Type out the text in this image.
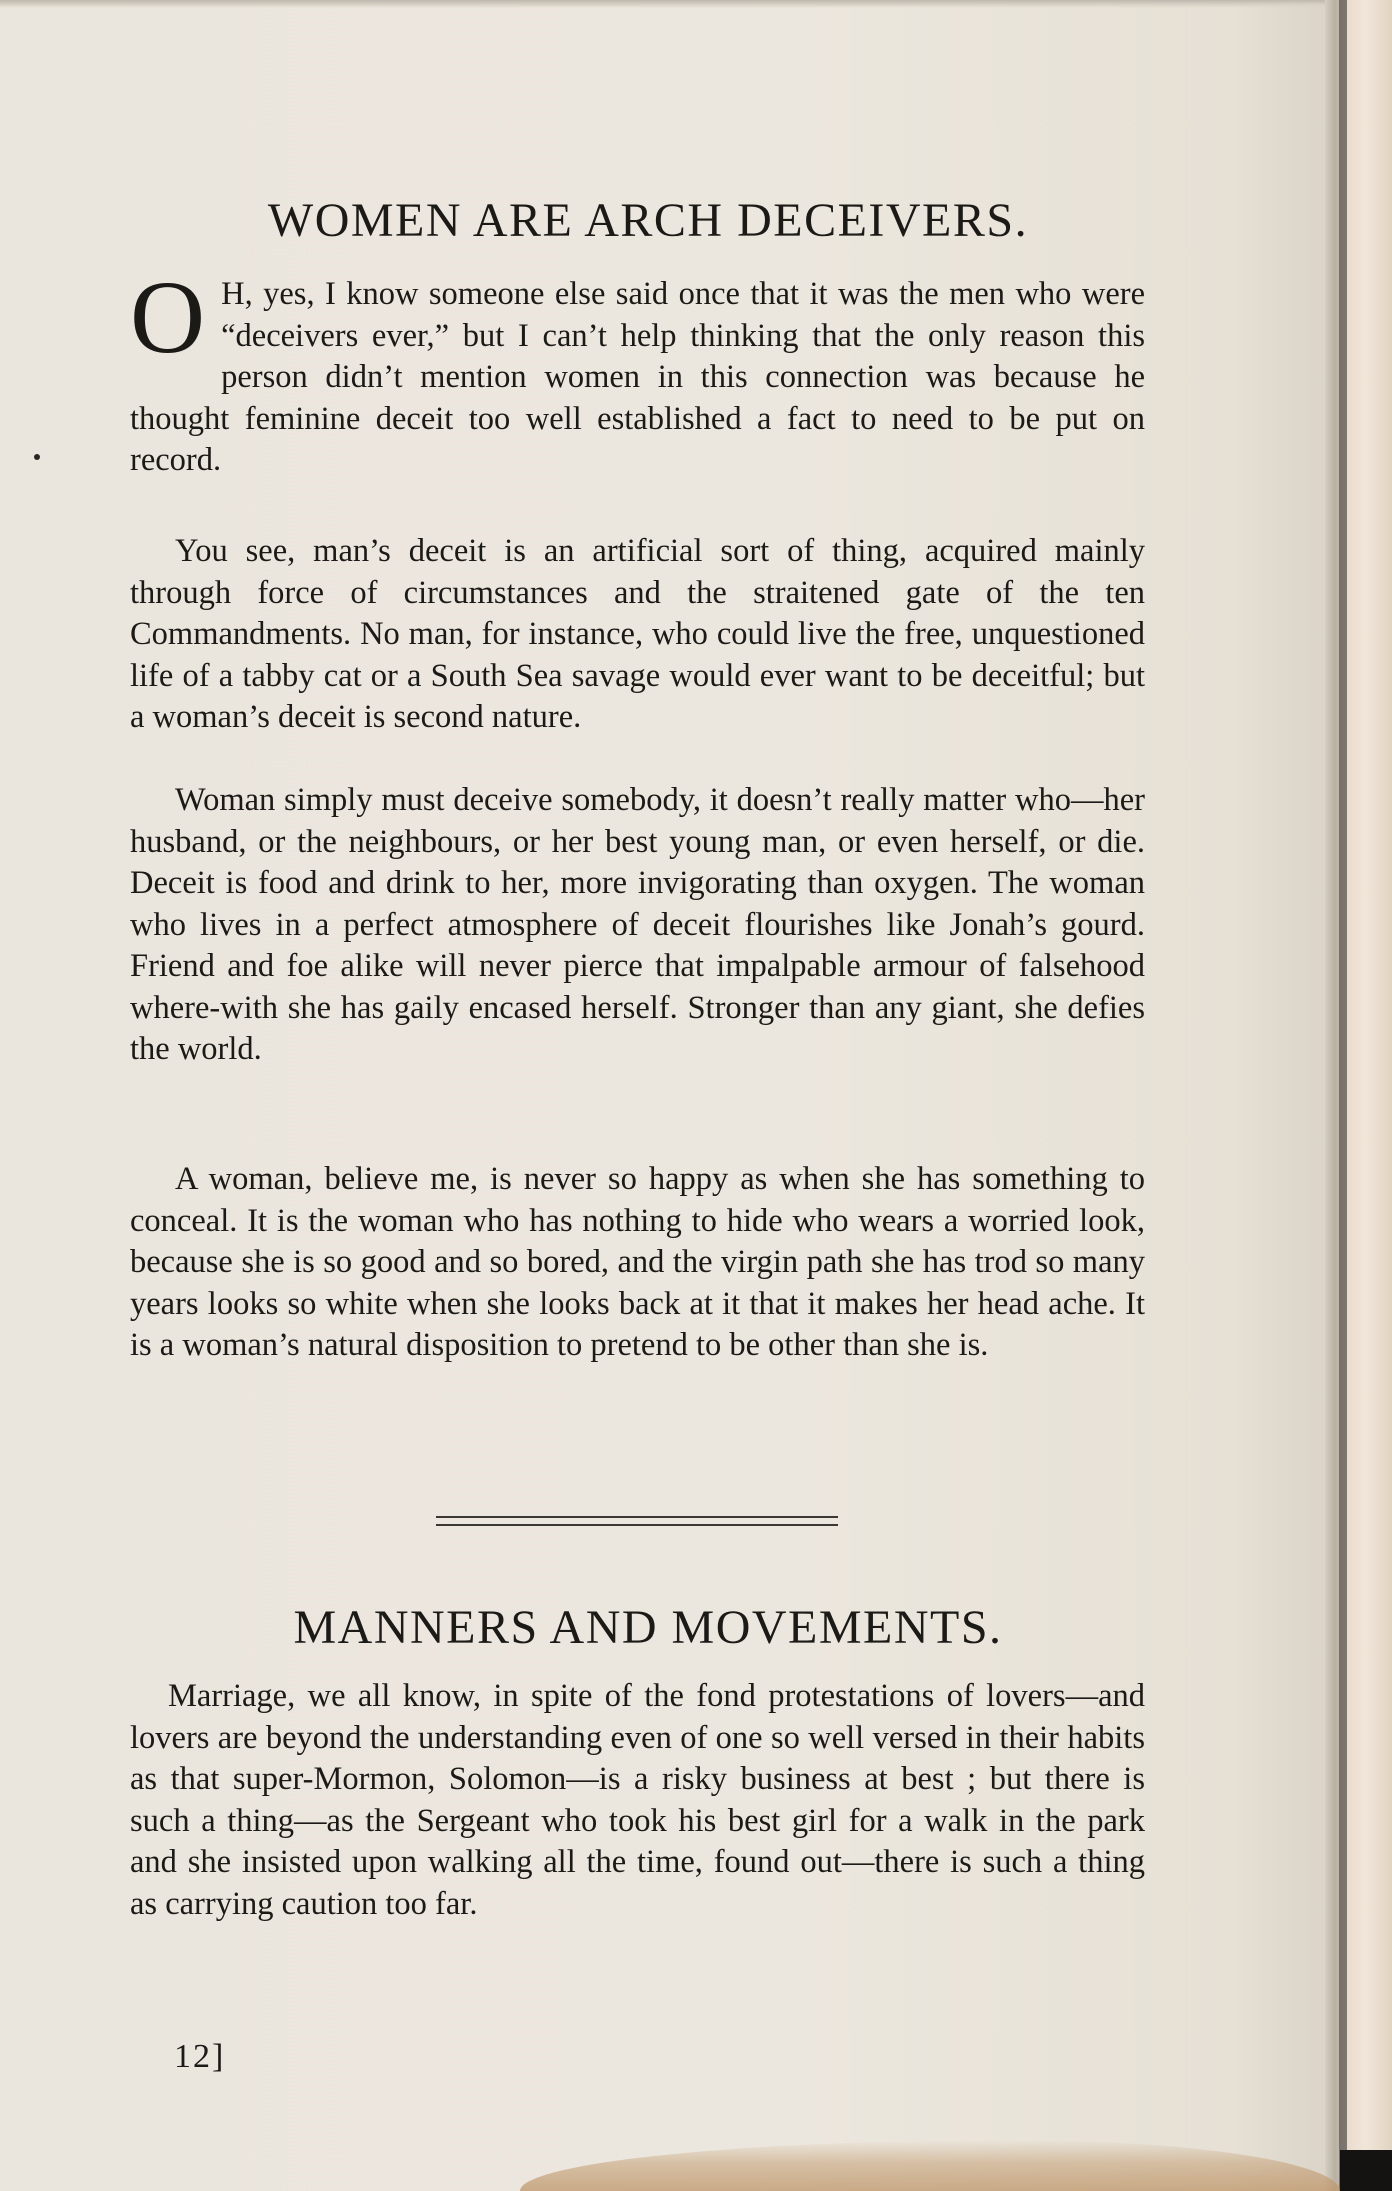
WOMEN ARE ARCH DECEIVERS.

O H, yes, I know someone else said once that it was the men who were “deceivers ever,” but I can’t help thinking that the only reason this person didn’t mention women in this connection was because he thought feminine deceit too well established a fact to need to be put on record.

You see, man’s deceit is an artificial sort of thing, acquired mainly through force of circumstances and the straitened gate of the ten Commandments. No man, for instance, who could live the free, unquestioned life of a tabby cat or a South Sea savage would ever want to be deceitful; but a woman’s deceit is second nature.

Woman simply must deceive somebody, it doesn’t really matter who—her husband, or the neighbours, or her best young man, or even herself, or die. Deceit is food and drink to her, more invigorating than oxygen. The woman who lives in a perfect atmosphere of deceit flourishes like Jonah’s gourd. Friend and foe alike will never pierce that impalpable armour of falsehood where-with she has gaily encased herself. Stronger than any giant, she defies the world.

A woman, believe me, is never so happy as when she has something to conceal. It is the woman who has nothing to hide who wears a worried look, because she is so good and so bored, and the virgin path she has trod so many years looks so white when she looks back at it that it makes her head ache. It is a woman’s natural disposition to pretend to be other than she is.

MANNERS AND MOVEMENTS.

Marriage, we all know, in spite of the fond protestations of lovers—and lovers are beyond the understanding even of one so well versed in their habits as that super-Mormon, Solomon—is a risky business at best ; but there is such a thing—as the Sergeant who took his best girl for a walk in the park and she insisted upon walking all the time, found out—there is such a thing as carrying caution too far.

12]
